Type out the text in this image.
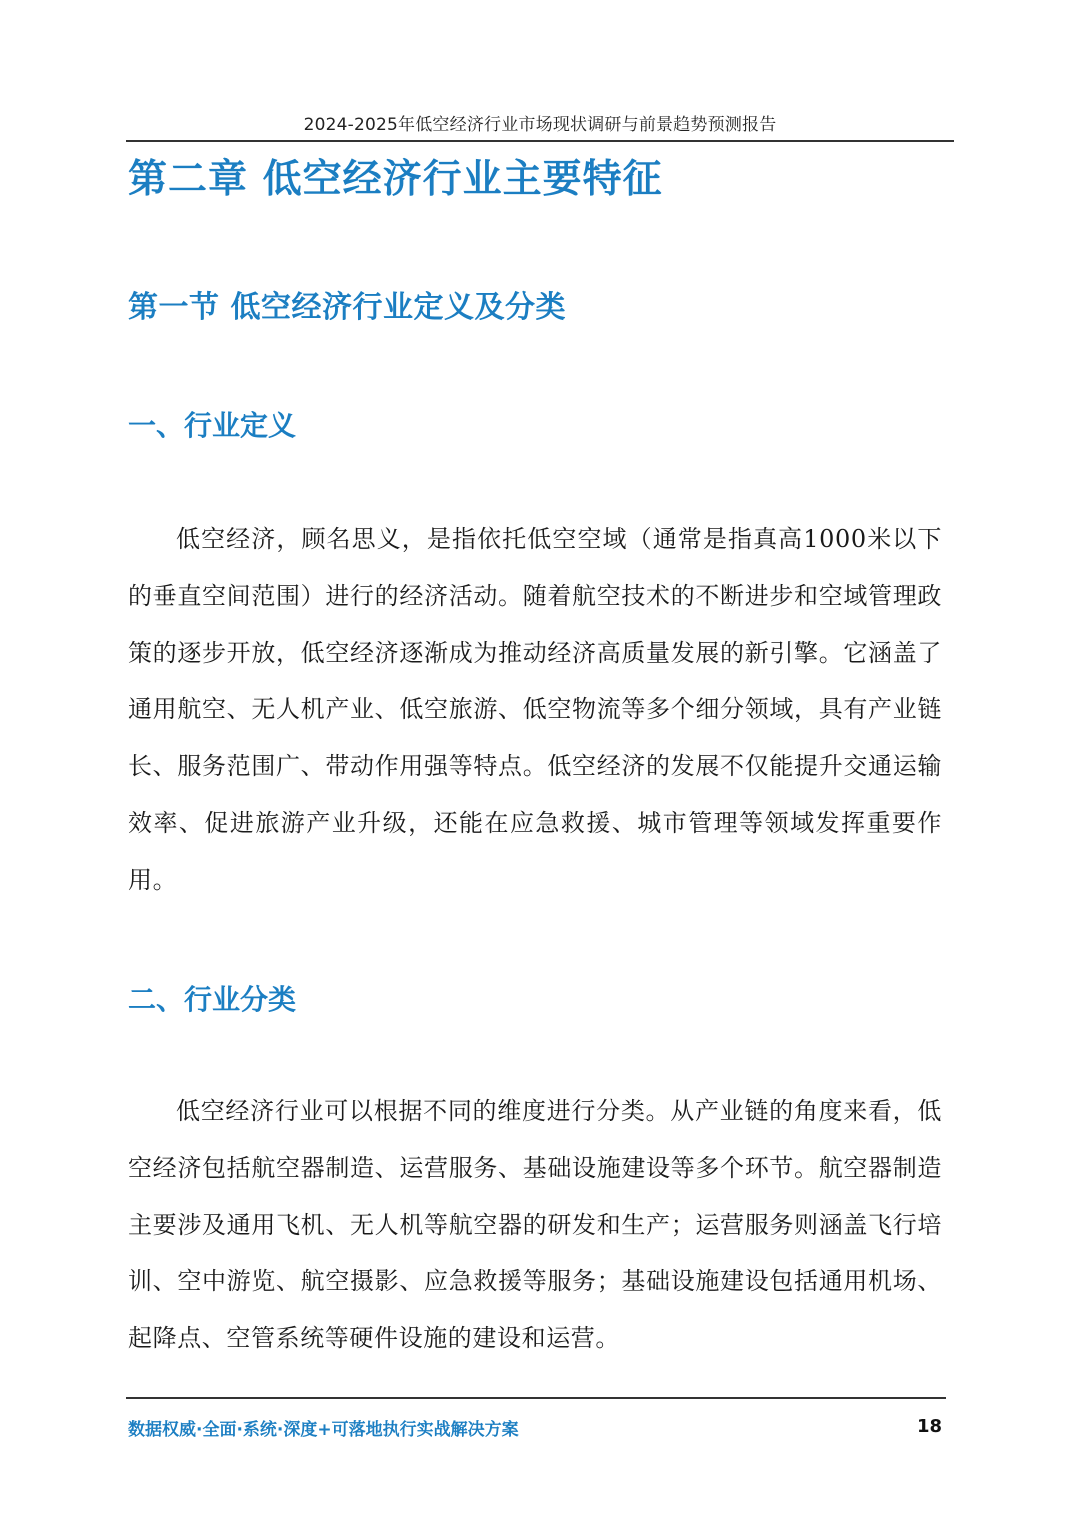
2024-2025年低空经济行业市场现状调研与前景趋势预测报告
第二章 低空经济行业主要特征
第一节 低空经济行业定义及分类
一、行业定义

低空经济，顾名思义，是指依托低空空域（通常是指真高1000米以下的垂直空间范围）进行的经济活动。随着航空技术的不断进步和空域管理政策的逐步开放，低空经济逐渐成为推动经济高质量发展的新引擎。它涵盖了通用航空、无人机产业、低空旅游、低空物流等多个细分领域，具有产业链长、服务范围广、带动作用强等特点。低空经济的发展不仅能提升交通运输效率、促进旅游产业升级，还能在应急救援、城市管理等领域发挥重要作用。

二、行业分类

低空经济行业可以根据不同的维度进行分类。从产业链的角度来看，低空经济包括航空器制造、运营服务、基础设施建设等多个环节。航空器制造主要涉及通用飞机、无人机等航空器的研发和生产；运营服务则涵盖飞行培训、空中游览、航空摄影、应急救援等服务；基础设施建设包括通用机场、起降点、空管系统等硬件设施的建设和运营。

数据权威·全面·系统·深度+可落地执行实战解决方案	18
